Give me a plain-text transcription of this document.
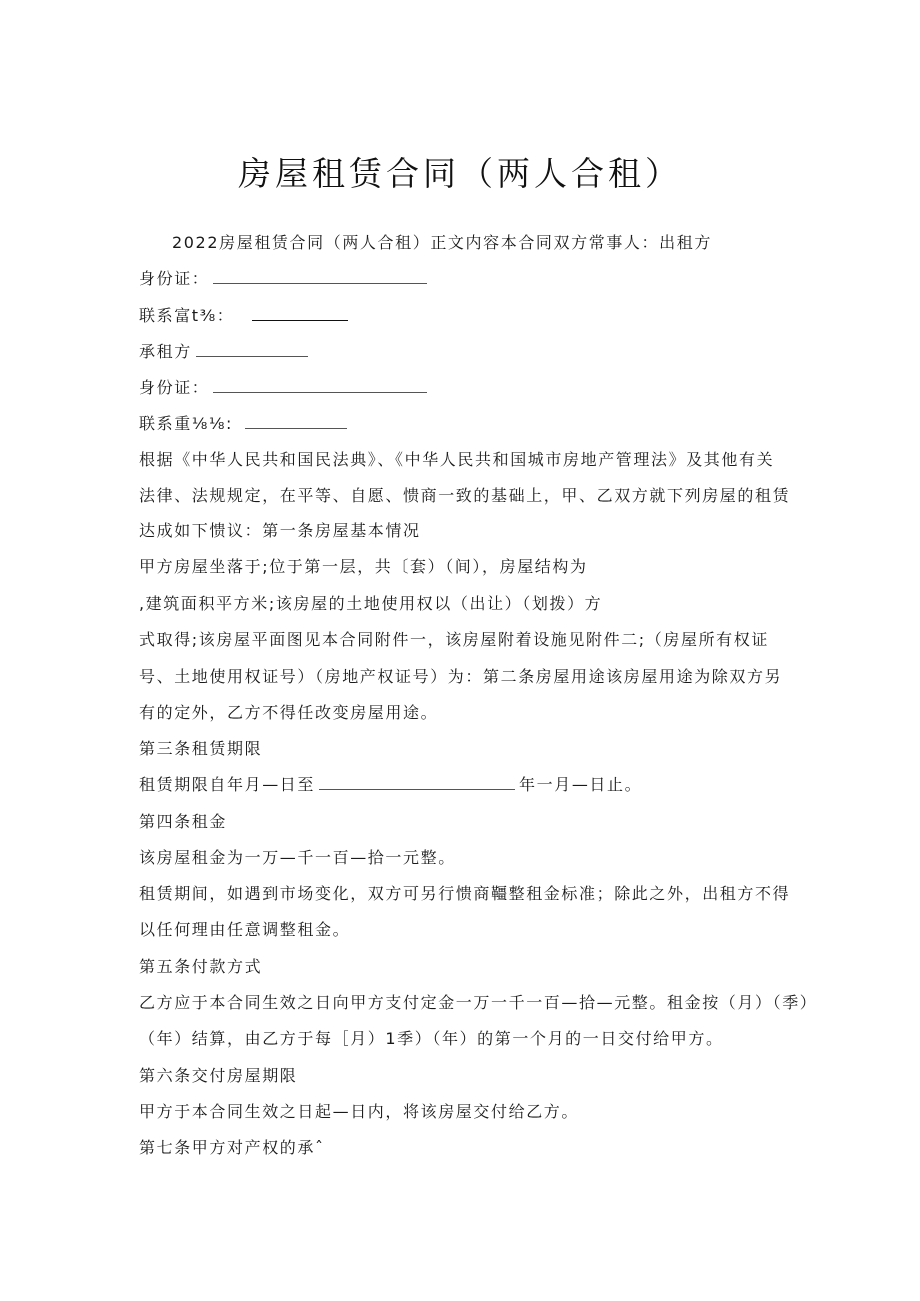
房屋租赁合同（两人合租）
2022房屋租赁合同（两人合租）正文内容本合同双方常事人：出租方
身份证：
联系富t⅜：
承租方
身份证：
联系重⅛⅛:
根据《中华人民共和国民法典》、《中华人民共和国城市房地产管理法》及其他有关
法律、法规规定，在平等、自愿、愦商一致的基础上，甲、乙双方就下列房屋的租赁
达成如下愦议：第一条房屋基本情况
甲方房屋坐落于;位于第一层，共〔套）（间），房屋结构为
,建筑面积平方米;该房屋的土地使用权以（出让）（划拨）方
式取得;该房屋平面图见本合同附件一，该房屋附着设施见附件二;（房屋所有权证
号、土地使用权证号）（房地产权证号）为：第二条房屋用途该房屋用途为除双方另
有的定外，乙方不得任改变房屋用途。
第三条租赁期限
租赁期限自年月—日至	年一月—日止。
第四条租金
该房屋租金为一万—千一百—拾一元整。
租赁期间，如遇到市场变化，双方可另行愦商韁整租金标准；除此之外，出租方不得
以任何理由任意调整租金。
第五条付款方式
乙方应于本合同生效之日向甲方支付定金一万一千一百—拾—元整。租金按（月）（季）
（年）结算，由乙方于每［月）1季）（年）的第一个月的一日交付给甲方。
第六条交付房屋期限
甲方于本合同生效之日起—日内，将该房屋交付给乙方。
第七条甲方对产权的承ˆ
